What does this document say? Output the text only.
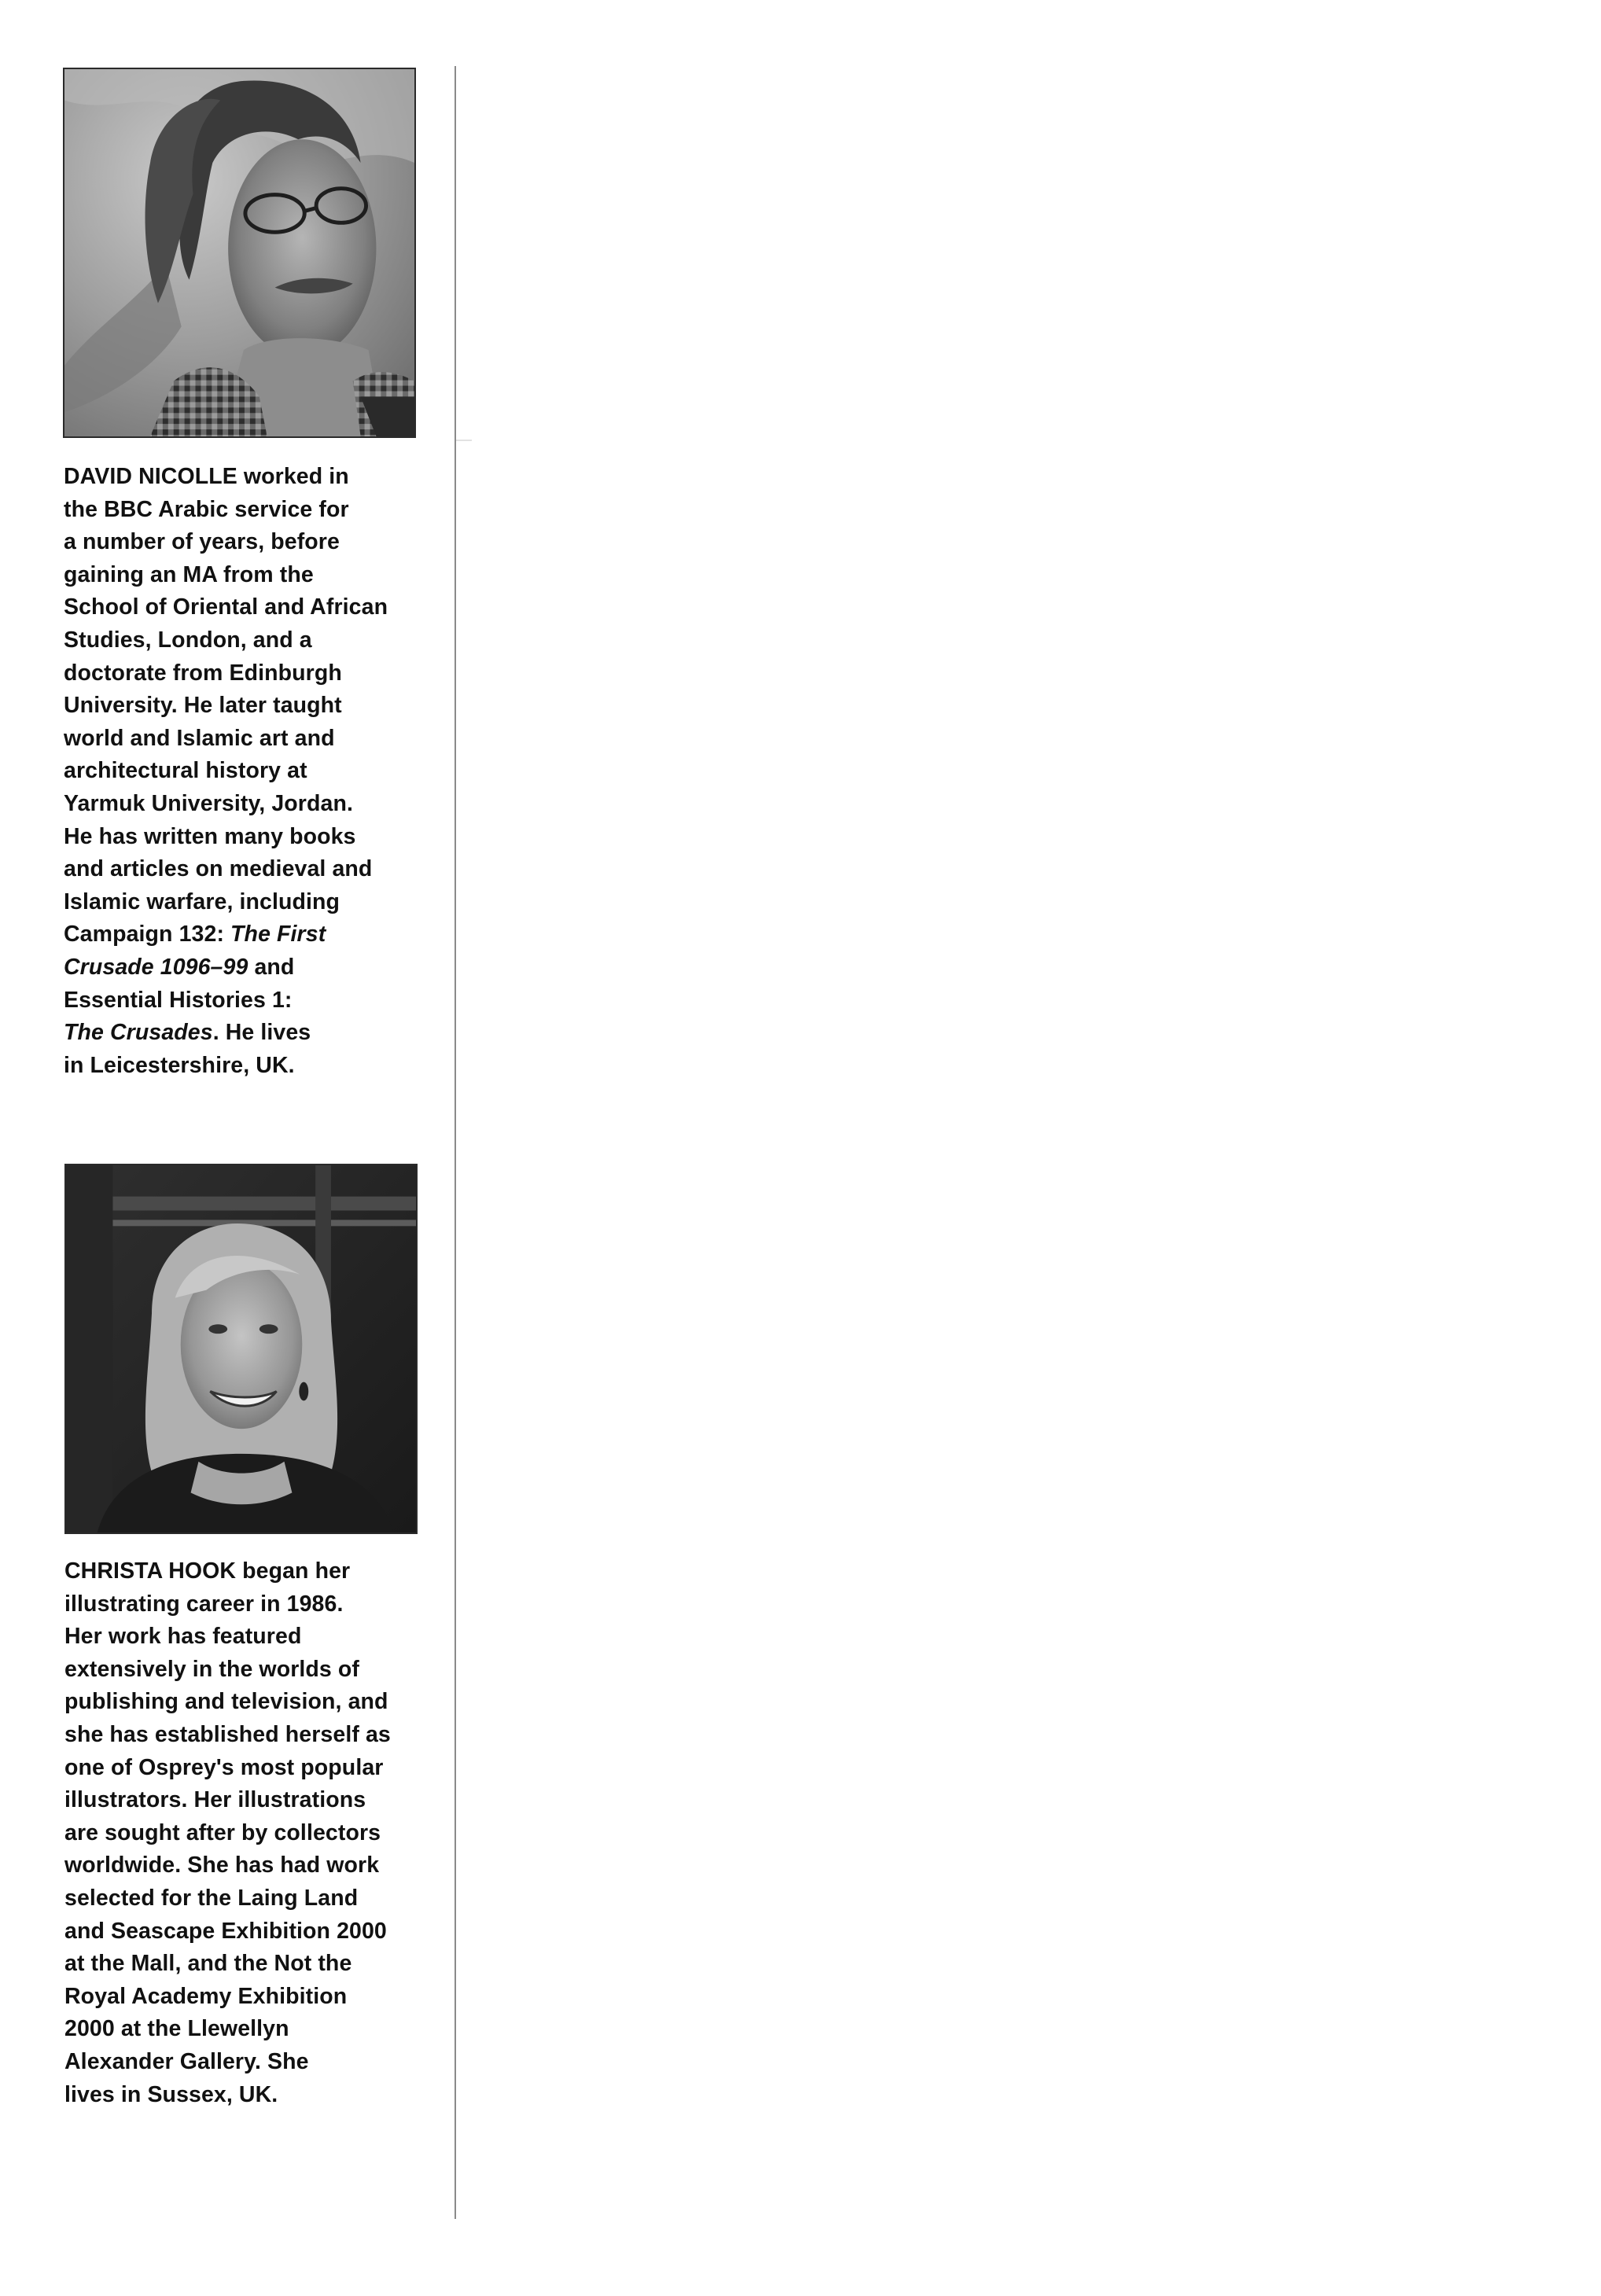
DAVID NICOLLE worked in
the BBC Arabic service for
a number of years, before
gaining an MA from the
School of Oriental and African
Studies, London, and a
doctorate from Edinburgh
University. He later taught
world and Islamic art and
architectural history at
Yarmuk University, Jordan.
He has written many books
and articles on medieval and
Islamic warfare, including
Campaign 132: The First
Crusade 1096–99 and
Essential Histories 1:
The Crusades. He lives
in Leicestershire, UK.

CHRISTA HOOK began her
illustrating career in 1986.
Her work has featured
extensively in the worlds of
publishing and television, and
she has established herself as
one of Osprey's most popular
illustrators. Her illustrations
are sought after by collectors
worldwide. She has had work
selected for the Laing Land
and Seascape Exhibition 2000
at the Mall, and the Not the
Royal Academy Exhibition
2000 at the Llewellyn
Alexander Gallery. She
lives in Sussex, UK.
